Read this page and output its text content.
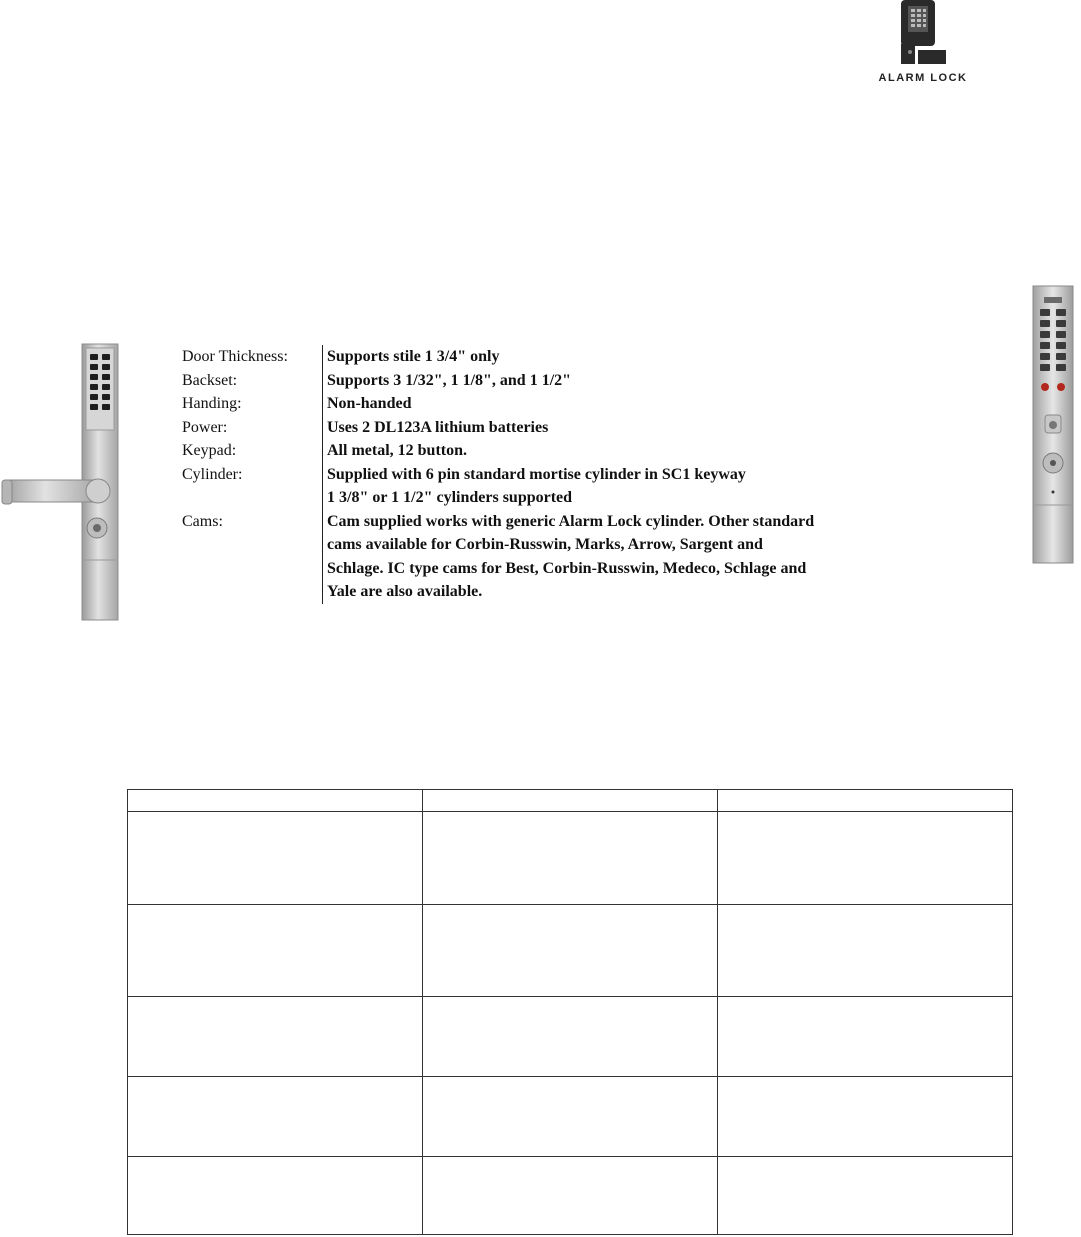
ALARM LOCK
Door Thickness:	Supports stile 1 3/4" only
Backset:	Supports 3 1/32", 1 1/8", and 1 1/2"
Handing:	Non-handed
Power:	Uses 2 DL123A lithium batteries
Keypad:	All metal, 12 button.
Cylinder:	Supplied with 6 pin standard mortise cylinder in SC1 keyway
1 3/8" or 1 1/2" cylinders supported
Cams:	Cam supplied works with generic Alarm Lock cylinder. Other standard
cams available for Corbin-Russwin, Marks, Arrow, Sargent and
Schlage. IC type cams for Best, Corbin-Russwin, Medeco, Schlage and
Yale are also available.
